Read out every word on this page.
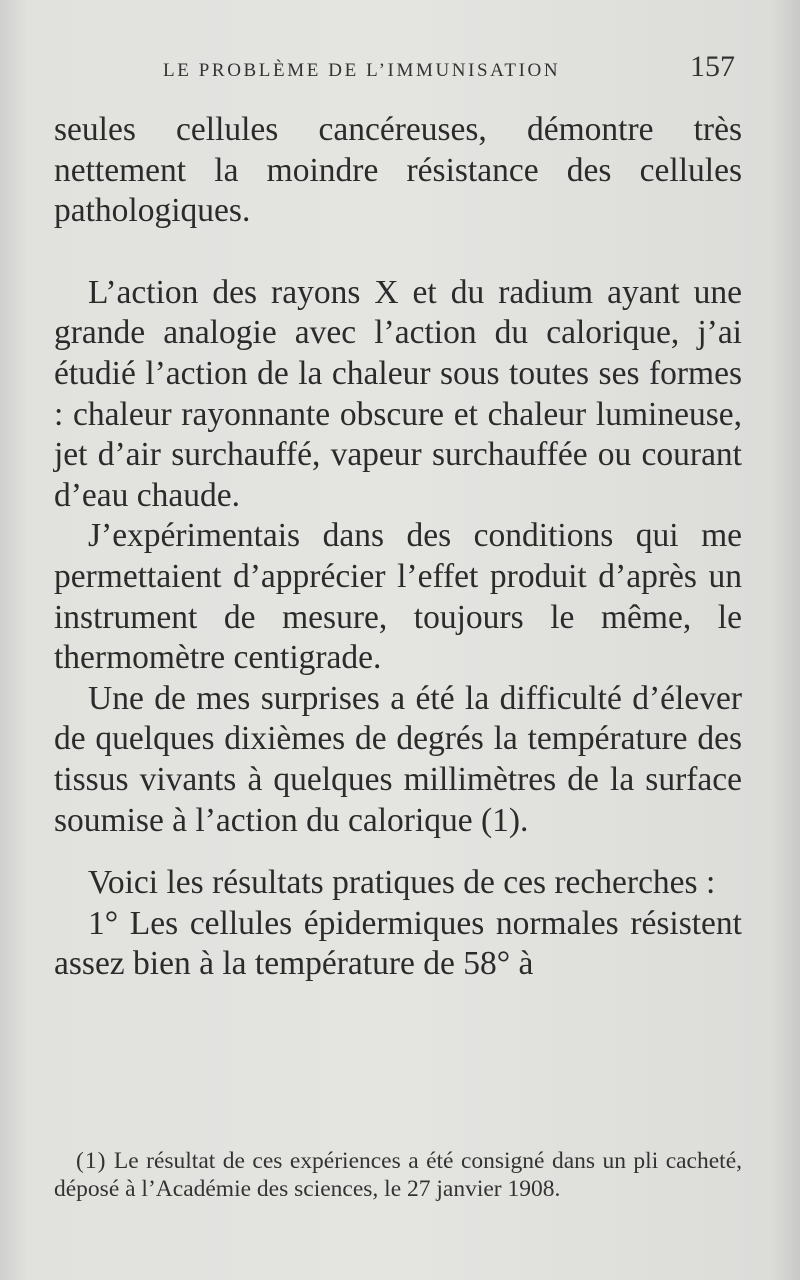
LE PROBLÈME DE L’IMMUNISATION	157

seules cellules cancéreuses, démontre très nettement la moindre résistance des cellules pathologiques.

L’action des rayons X et du radium ayant une grande analogie avec l’action du calorique, j’ai étudié l’action de la chaleur sous toutes ses formes : chaleur rayonnante obscure et chaleur lumineuse, jet d’air surchauffé, vapeur surchauffée ou courant d’eau chaude.

J’expérimentais dans des conditions qui me permettaient d’apprécier l’effet produit d’après un instrument de mesure, toujours le même, le thermomètre centigrade.

Une de mes surprises a été la difficulté d’élever de quelques dixièmes de degrés la température des tissus vivants à quelques millimètres de la surface soumise à l’action du calorique (1).

Voici les résultats pratiques de ces recherches :

1° Les cellules épidermiques normales résistent assez bien à la température de 58° à

(1) Le résultat de ces expériences a été consigné dans un pli cacheté, déposé à l’Académie des sciences, le 27 janvier 1908.
